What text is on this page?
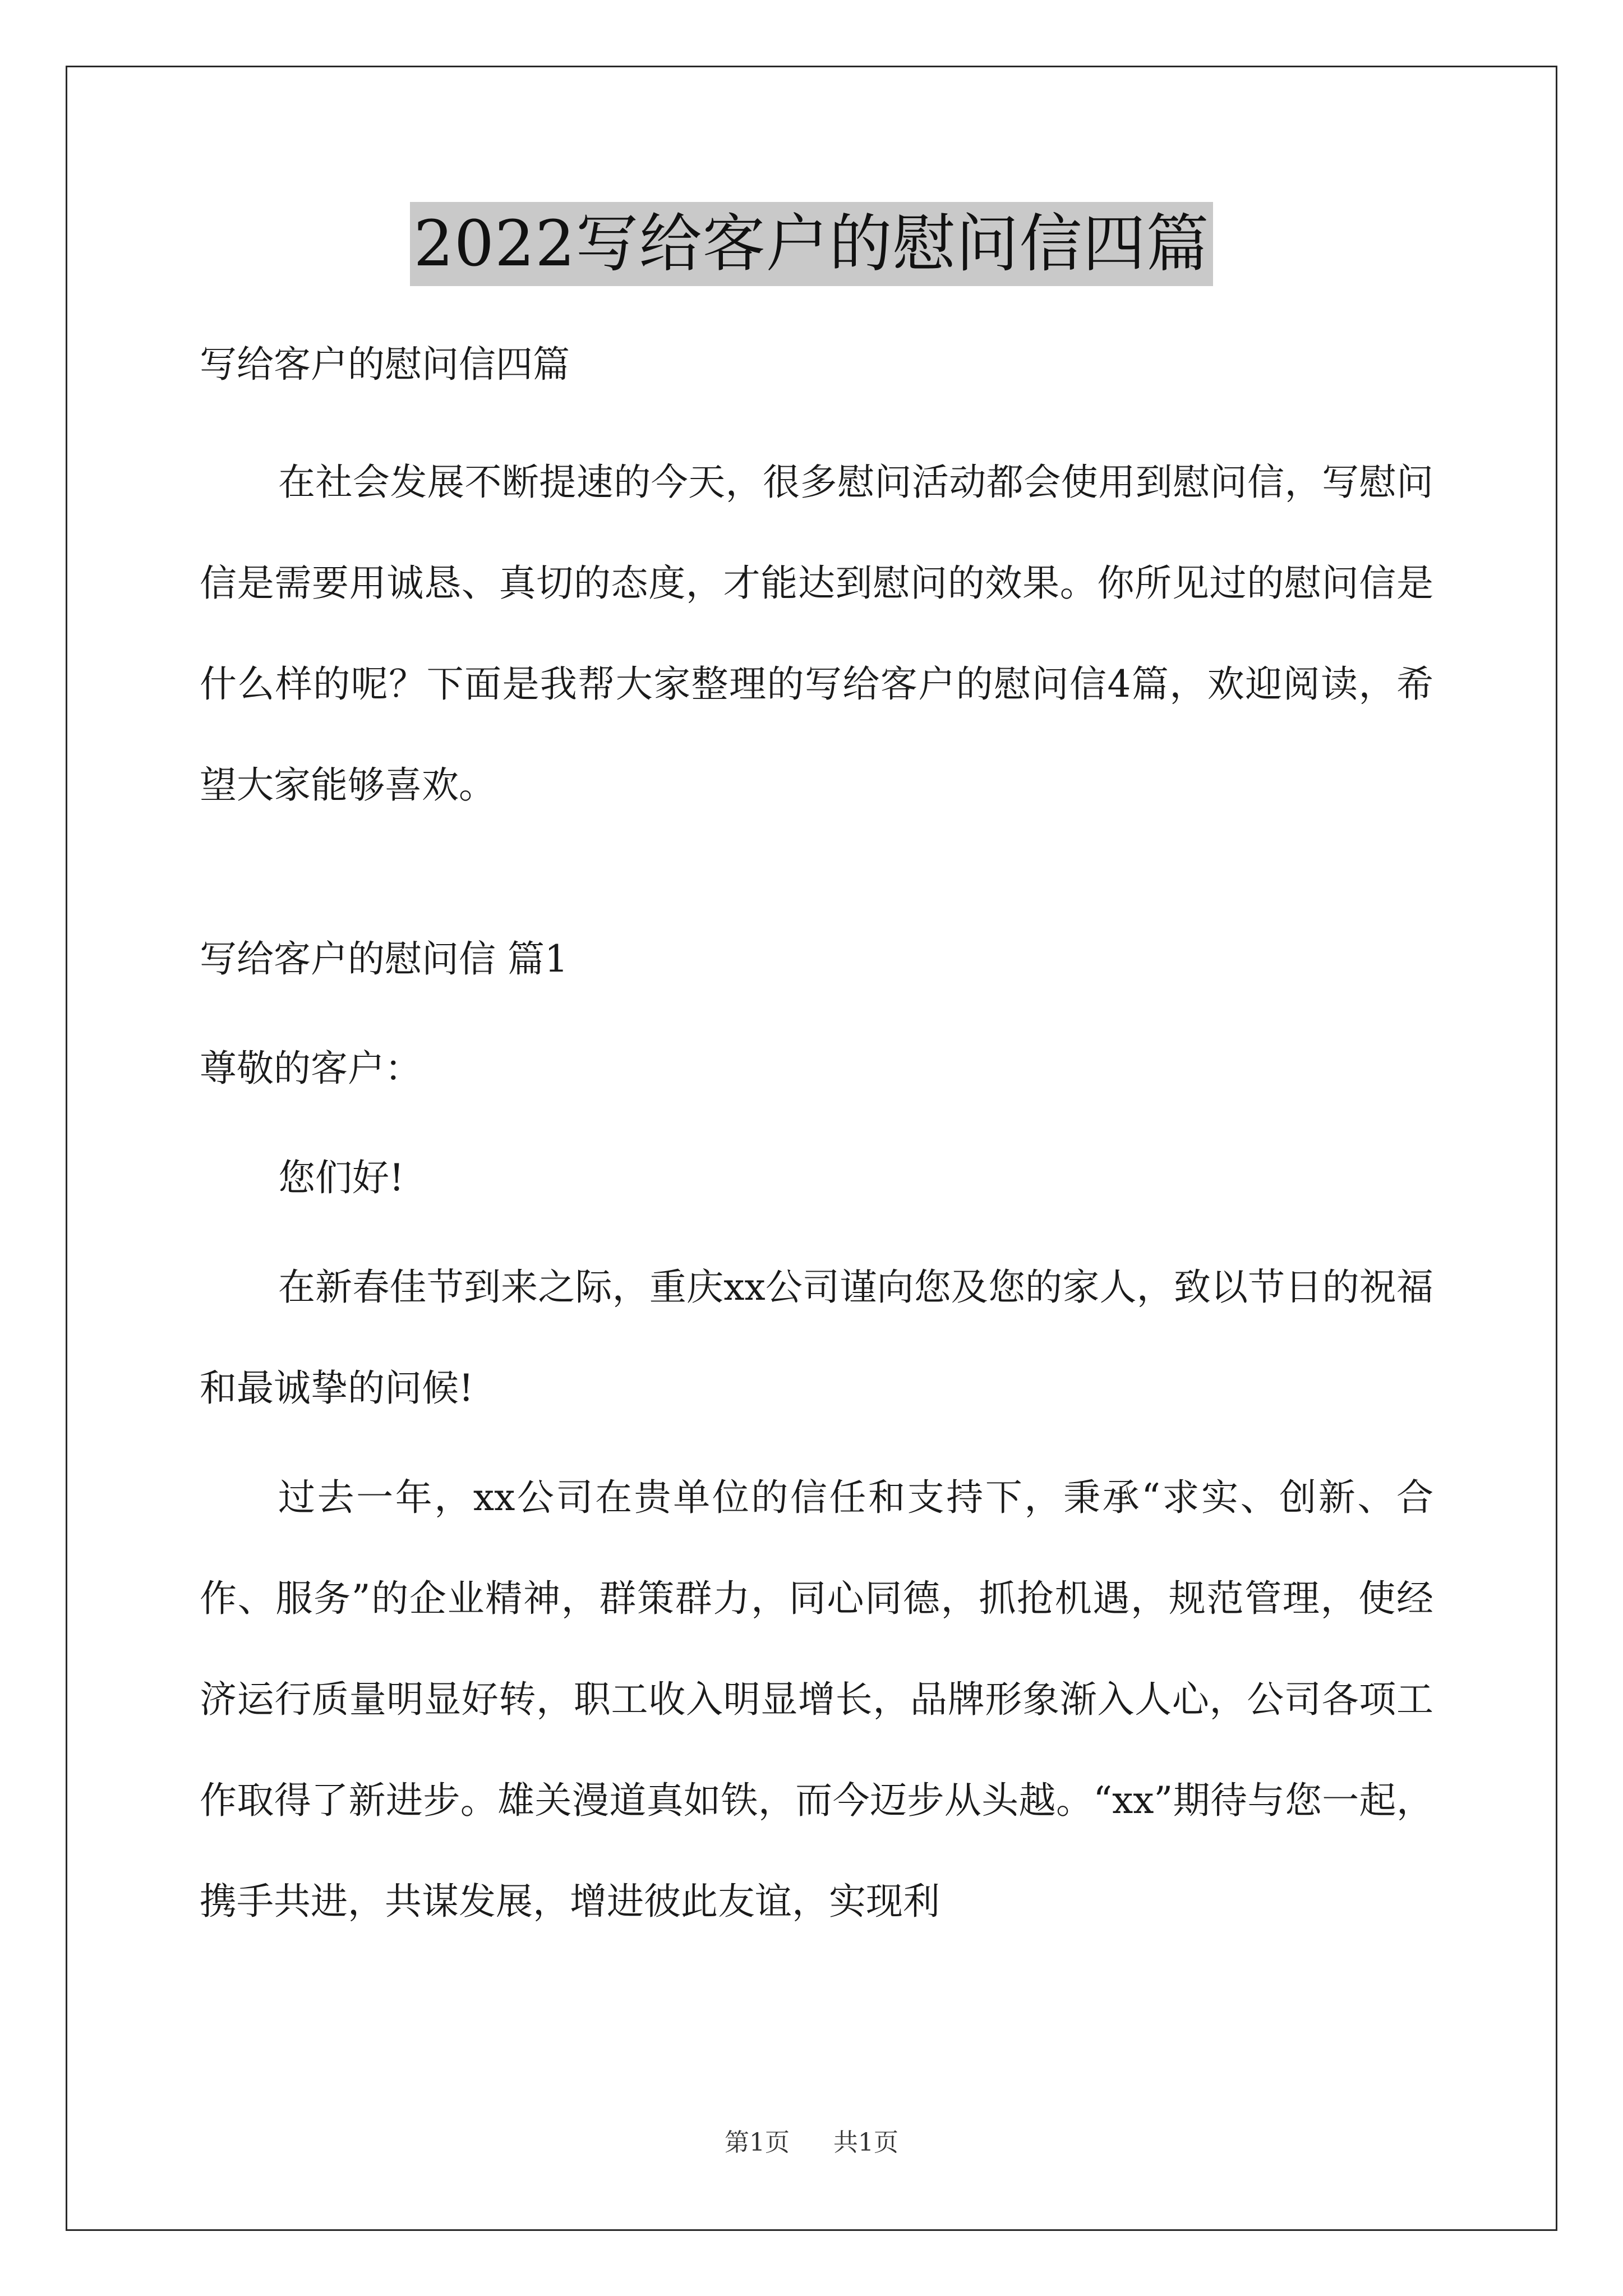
2022写给客户的慰问信四篇

写给客户的慰问信四篇

在社会发展不断提速的今天，很多慰问活动都会使用到慰问信，写慰问信是需要用诚恳、真切的态度，才能达到慰问的效果。你所见过的慰问信是什么样的呢？下面是我帮大家整理的写给客户的慰问信4篇，欢迎阅读，希望大家能够喜欢。

写给客户的慰问信 篇1

尊敬的客户：

您们好!

在新春佳节到来之际，重庆xx公司谨向您及您的家人，致以节日的祝福和最诚挚的问候!

过去一年，xx公司在贵单位的信任和支持下，秉承“求实、创新、合作、服务”的企业精神，群策群力，同心同德，抓抢机遇，规范管理，使经济运行质量明显好转，职工收入明显增长，品牌形象渐入人心，公司各项工作取得了新进步。雄关漫道真如铁，而今迈步从头越。“xx”期待与您一起，携手共进，共谋发展，增进彼此友谊，实现利

第1页 共1页
